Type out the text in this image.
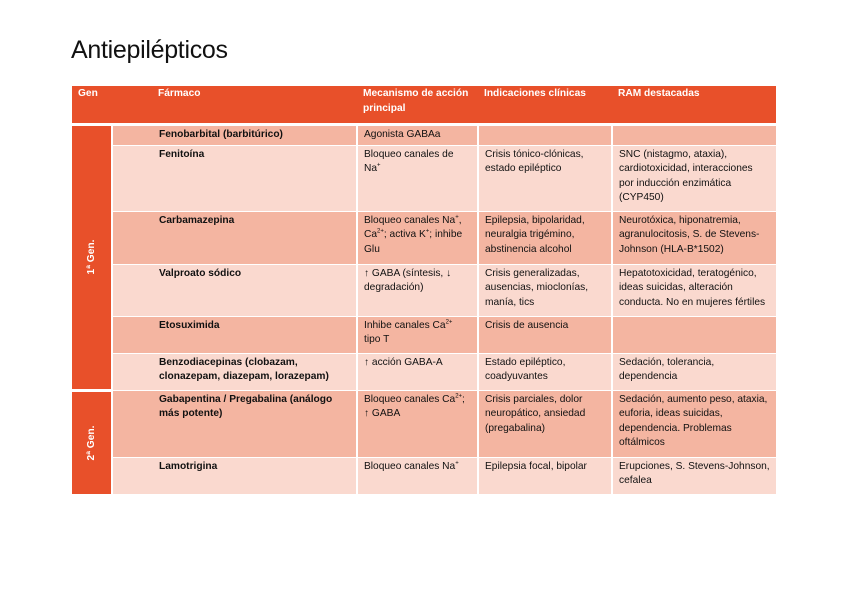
Antiepilépticos
Gen	Fármaco	Mecanismo de acción principal	Indicaciones clínicas	RAM destacadas

1ª Gen.	Fenobarbital (barbitúrico)	Agonista GABAa		
	Fenitoína	Bloqueo canales de Na+	Crisis tónico-clónicas, estado epiléptico	SNC (nistagmo, ataxia), cardiotoxicidad, interacciones por inducción enzimática (CYP450)
	Carbamazepina	Bloqueo canales Na+, $Ca^{2+}$; activa K+; inhibe Glu	Epilepsia, bipolaridad, neuralgia trigémino, abstinencia alcohol	Neurotóxica, hiponatremia, agranulocitosis, S. de Stevens-Johnson (HLA-B*1502)
	Valproato sódico	↑ GABA (síntesis, ↓ degradación)	Crisis generalizadas, ausencias, mioclonías, manía, tics	Hepatotoxicidad, teratogénico, ideas suicidas, alteración conducta. No en mujeres fértiles
	Etosuximida	Inhibe canales $Ca^{2+}$ tipo T	Crisis de ausencia	
	Benzodiacepinas (clobazam, clonazepam, diazepam, lorazepam)	↑ acción GABA-A	Estado epiléptico, coadyuvantes	Sedación, tolerancia, dependencia

2ª Gen.	Gabapentina / Pregabalina (análogo más potente)	Bloqueo canales $Ca^{2+}$; ↑ GABA	Crisis parciales, dolor neuropático, ansiedad (pregabalina)	Sedación, aumento peso, ataxia, euforia, ideas suicidas, dependencia. Problemas oftálmicos
	Lamotrigina	Bloqueo canales Na+	Epilepsia focal, bipolar	Erupciones, S. Stevens-Johnson, cefalea
